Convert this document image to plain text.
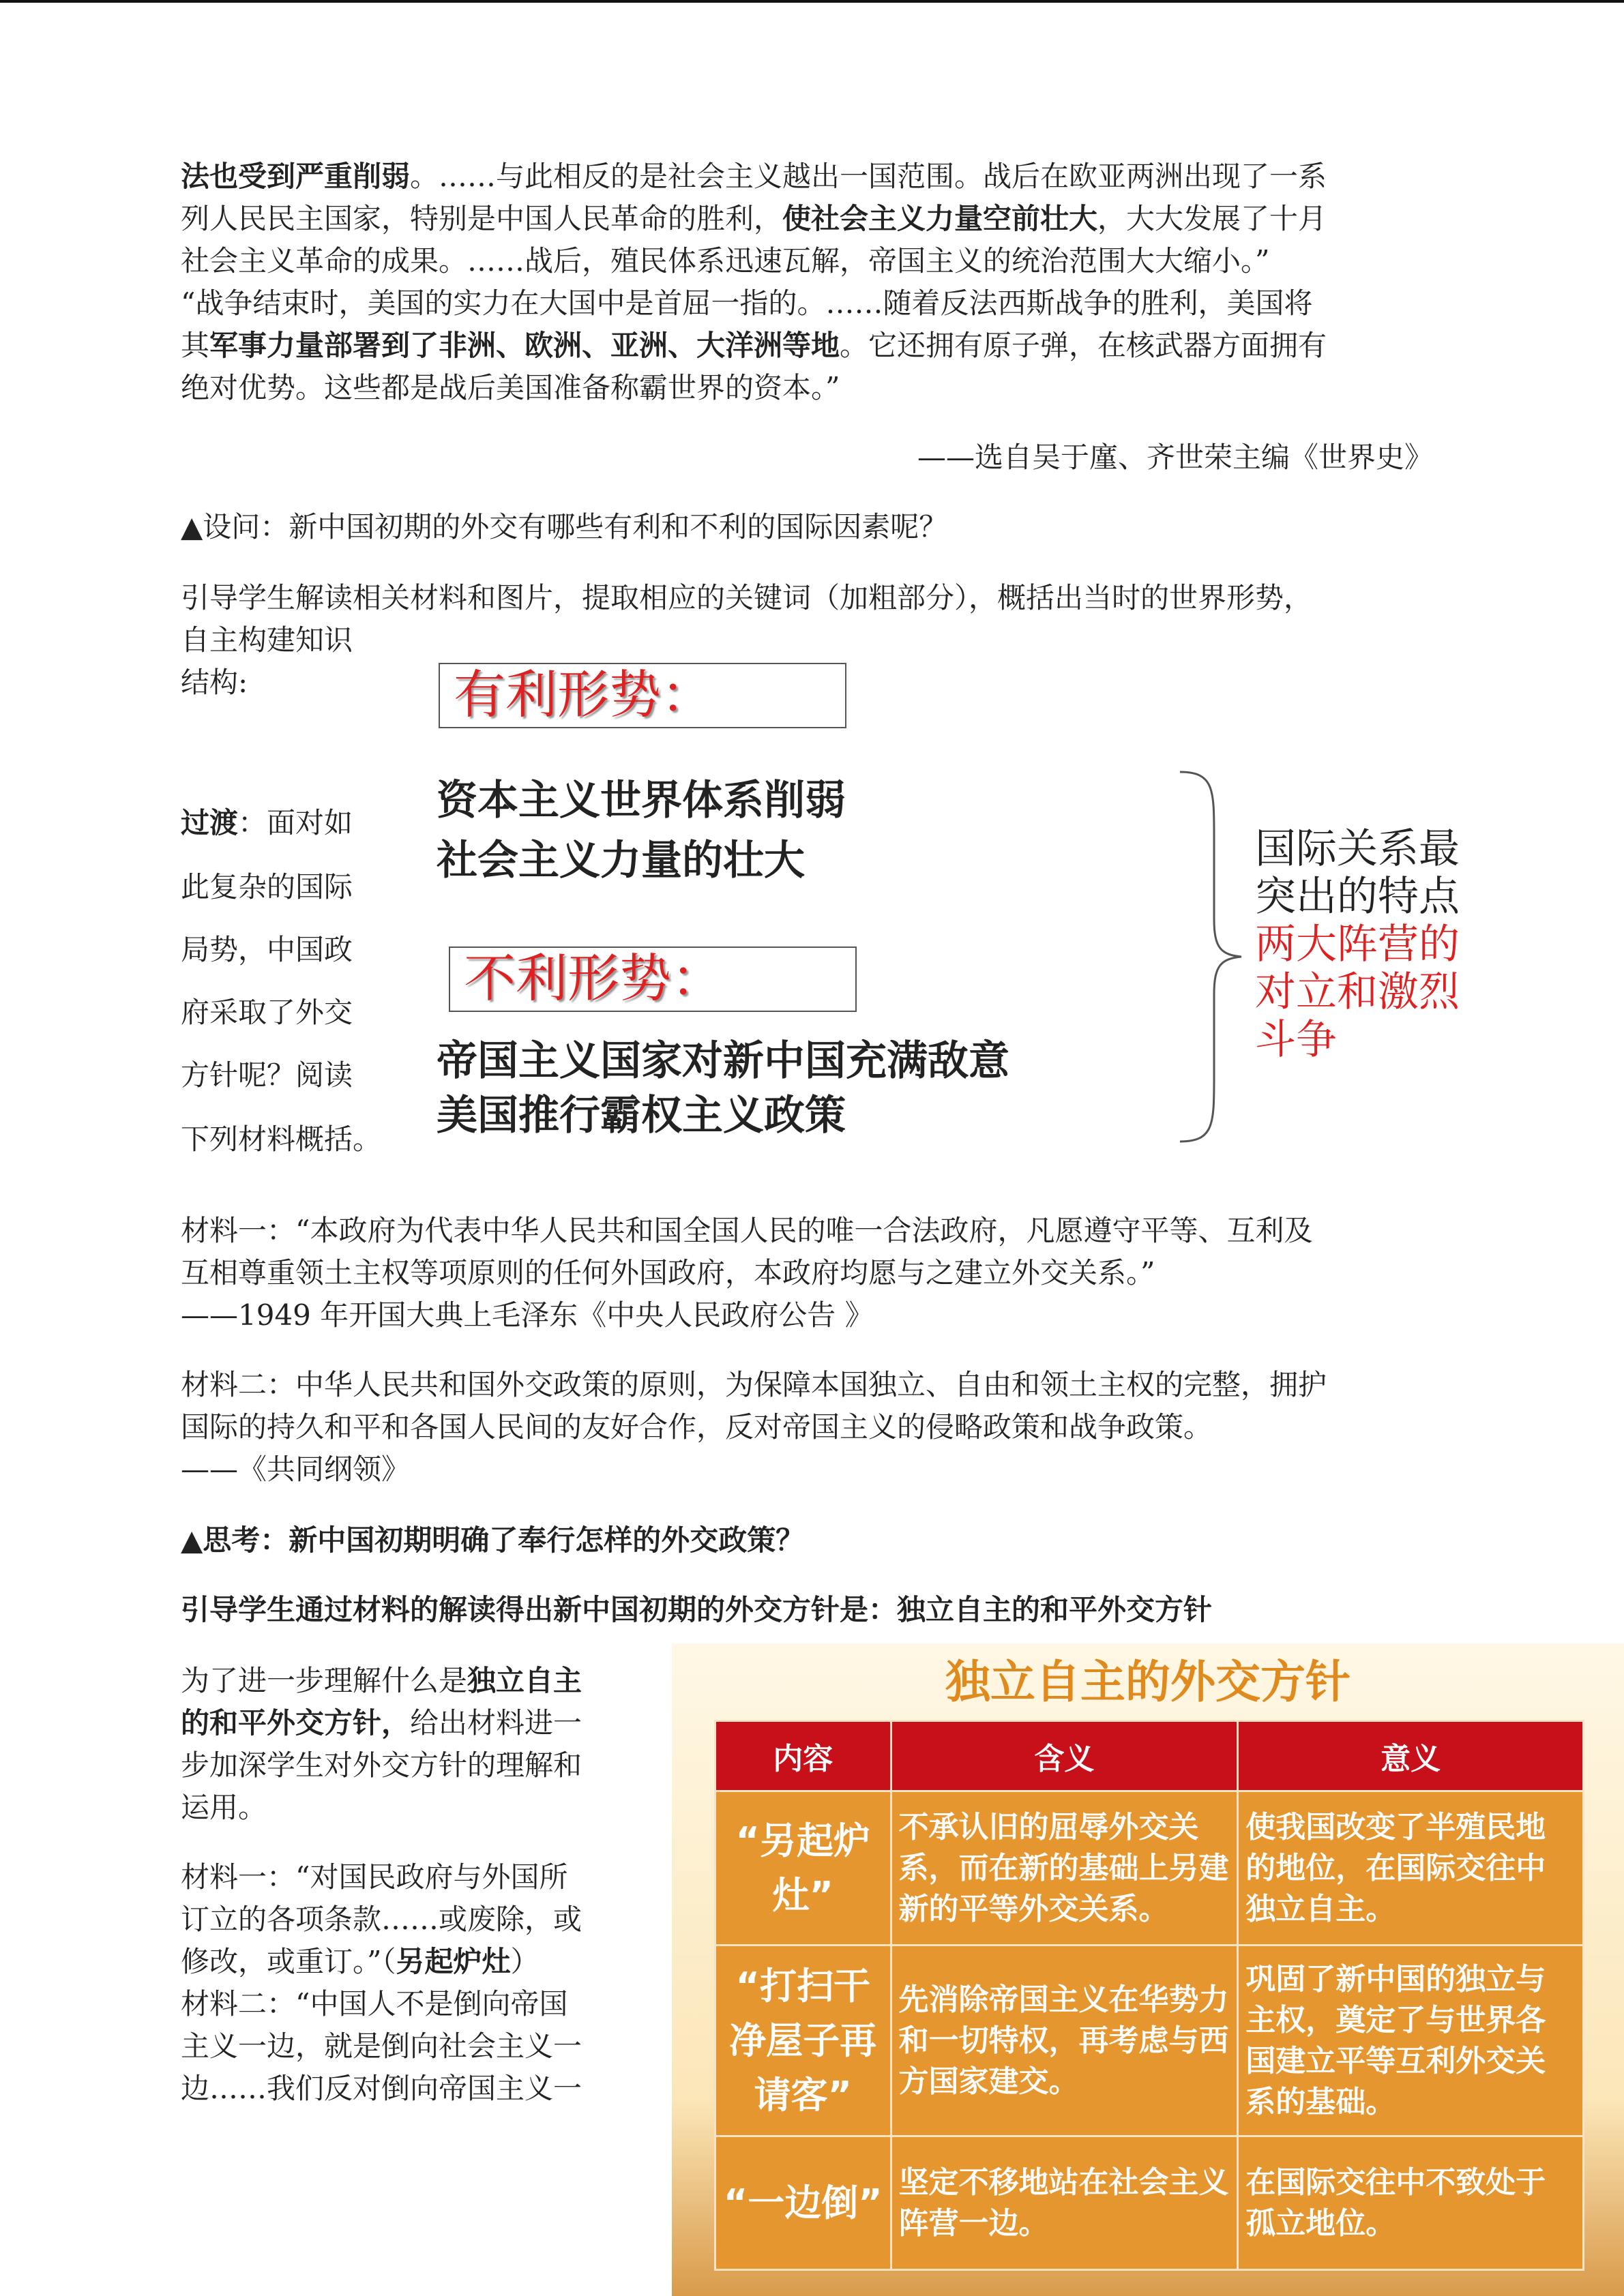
法也受到严重削弱。……与此相反的是社会主义越出一国范围。战后在欧亚两洲出现了一系
列人民民主国家，特别是中国人民革命的胜利，使社会主义力量空前壮大，大大发展了十月
社会主义革命的成果。……战后，殖民体系迅速瓦解，帝国主义的统治范围大大缩小。”
“战争结束时，美国的实力在大国中是首屈一指的。……随着反法西斯战争的胜利，美国将
其军事力量部署到了非洲、欧洲、亚洲、大洋洲等地。它还拥有原子弹，在核武器方面拥有
绝对优势。这些都是战后美国准备称霸世界的资本。”
——选自吴于廑、齐世荣主编《世界史》
▲设问：新中国初期的外交有哪些有利和不利的国际因素呢？
引导学生解读相关材料和图片，提取相应的关键词（加粗部分），概括出当时的世界形势，
自主构建知识
结构:	有利形势：
资本主义世界体系削弱
社会主义力量的壮大
不利形势：
帝国主义国家对新中国充满敌意
美国推行霸权主义政策
国际关系最
突出的特点
两大阵营的
对立和激烈
斗争
过渡：面对如
此复杂的国际
局势，中国政
府采取了外交
方针呢？阅读
下列材料概括。
材料一：“本政府为代表中华人民共和国全国人民的唯一合法政府，凡愿遵守平等、互利及
互相尊重领土主权等项原则的任何外国政府，本政府均愿与之建立外交关系。”
——1949 年开国大典上毛泽东《中央人民政府公告 》
材料二：中华人民共和国外交政策的原则，为保障本国独立、自由和领土主权的完整，拥护
国际的持久和平和各国人民间的友好合作，反对帝国主义的侵略政策和战争政策。
——《共同纲领》
▲思考：新中国初期明确了奉行怎样的外交政策？
引导学生通过材料的解读得出新中国初期的外交方针是：独立自主的和平外交方针
为了进一步理解什么是独立自主
的和平外交方针，给出材料进一
步加深学生对外交方针的理解和
运用。
材料一：“对国民政府与外国所
订立的各项条款……或废除，或
修改，或重订。”（另起炉灶）
材料二：“中国人不是倒向帝国
主义一边，就是倒向社会主义一
边……我们反对倒向帝国主义一
独立自主的外交方针
内容	含义	意义
“另起炉灶”	不承认旧的屈辱外交关系，而在新的基础上另建新的平等外交关系。	使我国改变了半殖民地的地位，在国际交往中独立自主。
“打扫干净屋子再请客”	先消除帝国主义在华势力和一切特权，再考虑与西方国家建交。	巩固了新中国的独立与主权，奠定了与世界各国建立平等互利外交关系的基础。
“一边倒”	坚定不移地站在社会主义阵营一边。	在国际交往中不致处于孤立地位。
